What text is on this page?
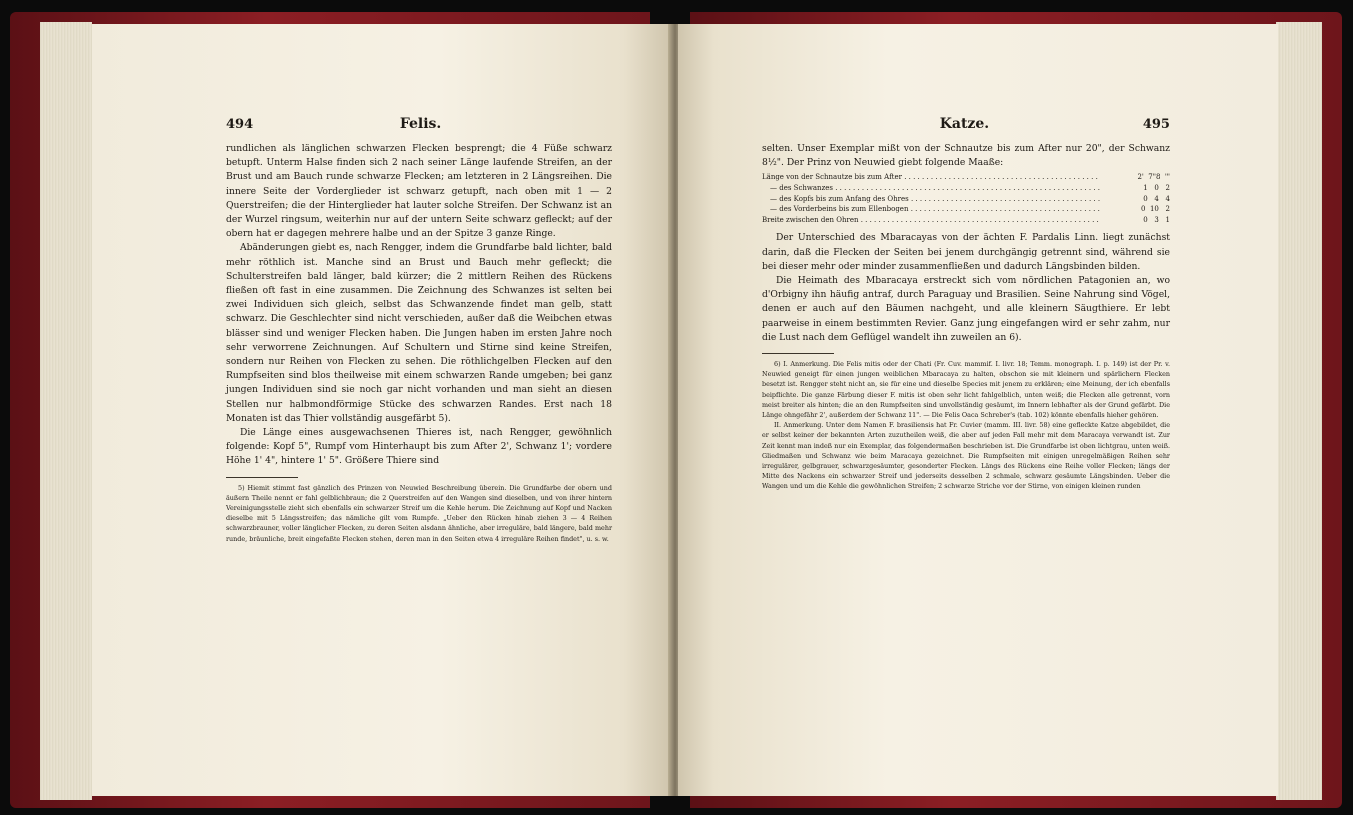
494	Felis.

rundlichen als länglichen schwarzen Flecken besprengt; die 4 Füße schwarz betupft. Unterm Halse finden sich 2 nach seiner Länge laufende Streifen, an der Brust und am Bauch runde schwarze Flecken; am letzteren in 2 Längsreihen. Die innere Seite der Vorderglieder ist schwarz getupft, nach oben mit 1 — 2 Querstreifen; die der Hinterglieder hat lauter solche Streifen. Der Schwanz ist an der Wurzel ringsum, weiterhin nur auf der untern Seite schwarz gefleckt; auf der obern hat er dagegen mehrere halbe und an der Spitze 3 ganze Ringe.

Abänderungen giebt es, nach Rengger, indem die Grundfarbe bald lichter, bald mehr röthlich ist. Manche sind an Brust und Bauch mehr gefleckt; die Schulterstreifen bald länger, bald kürzer; die 2 mittlern Reihen des Rückens fließen oft fast in eine zusammen. Die Zeichnung des Schwanzes ist selten bei zwei Individuen sich gleich, selbst das Schwanzende findet man gelb, statt schwarz. Die Geschlechter sind nicht verschieden, außer daß die Weibchen etwas blässer sind und weniger Flecken haben. Die Jungen haben im ersten Jahre noch sehr verworrene Zeichnungen. Auf Schultern und Stirne sind keine Streifen, sondern nur Reihen von Flecken zu sehen. Die röthlichgelben Flecken auf den Rumpfseiten sind blos theilweise mit einem schwarzen Rande umgeben; bei ganz jungen Individuen sind sie noch gar nicht vorhanden und man sieht an diesen Stellen nur halbmondförmige Stücke des schwarzen Randes. Erst nach 18 Monaten ist das Thier vollständig ausgefärbt 5).

Die Länge eines ausgewachsenen Thieres ist, nach Rengger, gewöhnlich folgende: Kopf 5", Rumpf vom Hinterhaupt bis zum After 2', Schwanz 1'; vordere Höhe 1' 4", hintere 1' 5". Größere Thiere sind

5) Hiemit stimmt fast gänzlich des Prinzen von Neuwied Beschreibung überein. Die Grundfarbe der obern und äußern Theile nennt er fahl gelblichbraun; die 2 Querstreifen auf den Wangen sind dieselben, und von ihrer hintern Vereinigungsstelle zieht sich ebenfalls ein schwarzer Streif um die Kehle herum. Die Zeichnung auf Kopf und Nacken dieselbe mit 5 Längsstreifen; das nämliche gilt vom Rumpfe. „Ueber den Rücken hinab ziehen 3 — 4 Reihen schwarzbrauner, voller länglicher Flecken, zu deren Seiten alsdann ähnliche, aber irreguläre, bald längere, bald mehr runde, bräunliche, breit eingefaßte Flecken stehen, deren man in den Seiten etwa 4 irreguläre Reihen findet", u. s. w.

Katze.	495

selten. Unser Exemplar mißt von der Schnautze bis zum After nur 20", der Schwanz 8½". Der Prinz von Neuwied giebt folgende Maaße:

Länge von der Schnautze bis zum After . . .	2'  7"8  '"
— des Schwanzes . . .	1   0   2
— des Kopfs bis zum Anfang des Ohres . . .	0   4   4
— des Vorderbeins bis zum Ellenbogen . . .	0  10   2
Breite zwischen den Ohren . . .	0   3   1

Der Unterschied des Mbaracayas von der ächten F. Pardalis Linn. liegt zunächst darin, daß die Flecken der Seiten bei jenem durchgängig getrennt sind, während sie bei dieser mehr oder minder zusammenfließen und dadurch Längsbinden bilden.

Die Heimath des Mbaracaya erstreckt sich vom nördlichen Patagonien an, wo d'Orbigny ihn häufig antraf, durch Paraguay und Brasilien. Seine Nahrung sind Vögel, denen er auch auf den Bäumen nachgeht, und alle kleinern Säugthiere. Er lebt paarweise in einem bestimmten Revier. Ganz jung eingefangen wird er sehr zahm, nur die Lust nach dem Geflügel wandelt ihn zuweilen an 6).

6) I. Anmerkung. Die Felis mitis oder der Chati (Fr. Cuv. mammif. I. livr. 18; Temm. monograph. I. p. 149) ist der Pr. v. Neuwied geneigt für einen jungen weiblichen Mbaracaya zu halten, obschon sie mit kleinern und spärlichern Flecken besetzt ist. Rengger steht nicht an, sie für eine und dieselbe Species mit jenem zu erklären; eine Meinung, der ich ebenfalls beipflichte. Die ganze Färbung dieser F. mitis ist oben sehr licht fahlgelblich, unten weiß; die Flecken alle getrennt, vorn meist breiter als hinten; die an den Rumpfseiten sind unvollständig gesäumt, im Innern lebhafter als der Grund gefärbt. Die Länge ohngefähr 2', außerdem der Schwanz 11". — Die Felis Oaca Schreber's (tab. 102) könnte ebenfalls hieher gehören.

II. Anmerkung. Unter dem Namen F. brasiliensis hat Fr. Cuvier (mamm. III. livr. 58) eine gefleckte Katze abgebildet, die er selbst keiner der bekannten Arten zuzutheilen weiß, die aber auf jeden Fall mehr mit dem Maracaya verwandt ist. Zur Zeit kennt man indeß nur ein Exemplar, das folgendermaßen beschrieben ist. Die Grundfarbe ist oben lichtgrau, unten weiß. Gliedmaßen und Schwanz wie beim Maracaya gezeichnet. Die Rumpfseiten mit einigen unregelmäßigen Reihen sehr irregulärer, gelbgrauer, schwarzgesäumter, gesonderter Flecken. Längs des Rückens eine Reihe voller Flecken; längs der Mitte des Nackens ein schwarzer Streif und jederseits desselben 2 schmale, schwarz gesäumte Längsbinden. Ueber die Wangen und um die Kehle die gewöhnlichen Streifen; 2 schwarze Striche vor der Stirne, von einigen kleinen runden
